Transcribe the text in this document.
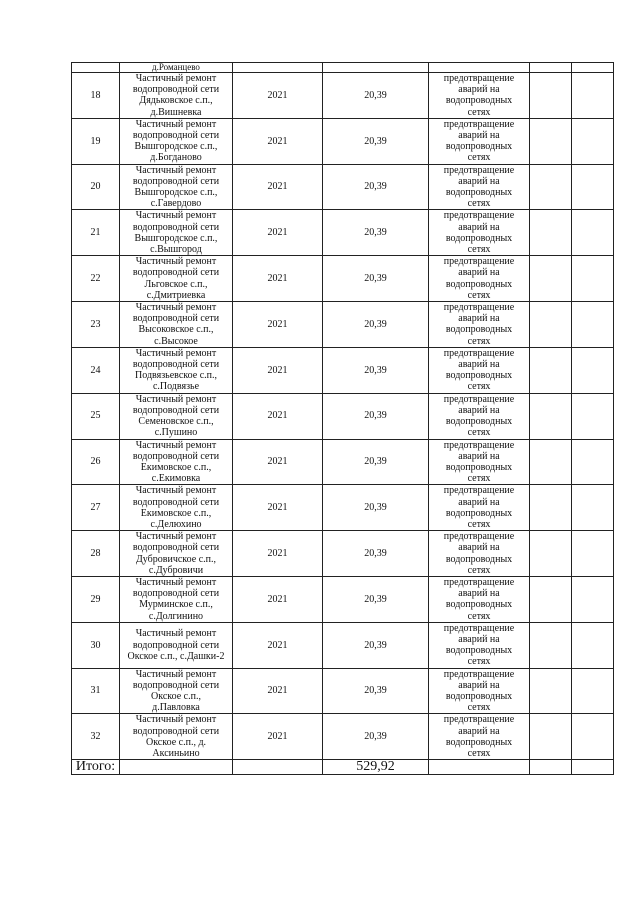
	д.Романцево					
18	Частичный ремонт
водопроводной сети
Дядьковское с.п.,
д.Вишневка	2021	20,39	предотвращение
аварий на
водопроводных
сетях		
19	Частичный ремонт
водопроводной сети
Вышгородское с.п.,
д.Богданово	2021	20,39	предотвращение
аварий на
водопроводных
сетях		
20	Частичный ремонт
водопроводной сети
Вышгородское с.п.,
с.Гавердово	2021	20,39	предотвращение
аварий на
водопроводных
сетях		
21	Частичный ремонт
водопроводной сети
Вышгородское с.п.,
с.Вышгород	2021	20,39	предотвращение
аварий на
водопроводных
сетях		
22	Частичный ремонт
водопроводной сети
Льговское с.п.,
с.Дмитриевка	2021	20,39	предотвращение
аварий на
водопроводных
сетях		
23	Частичный ремонт
водопроводной сети
Высоковское с.п.,
с.Высокое	2021	20,39	предотвращение
аварий на
водопроводных
сетях		
24	Частичный ремонт
водопроводной сети
Подвязьевское с.п.,
с.Подвязье	2021	20,39	предотвращение
аварий на
водопроводных
сетях		
25	Частичный ремонт
водопроводной сети
Семеновское с.п.,
с.Пушино	2021	20,39	предотвращение
аварий на
водопроводных
сетях		
26	Частичный ремонт
водопроводной сети
Екимовское с.п.,
с.Екимовка	2021	20,39	предотвращение
аварий на
водопроводных
сетях		
27	Частичный ремонт
водопроводной сети
Екимовское с.п.,
с.Делюхино	2021	20,39	предотвращение
аварий на
водопроводных
сетях		
28	Частичный ремонт
водопроводной сети
Дубровичское с.п.,
с.Дубровичи	2021	20,39	предотвращение
аварий на
водопроводных
сетях		
29	Частичный ремонт
водопроводной сети
Мурминское с.п.,
с.Долгинино	2021	20,39	предотвращение
аварий на
водопроводных
сетях		
30	Частичный ремонт
водопроводной сети
Окское с.п., с.Дашки-2	2021	20,39	предотвращение
аварий на
водопроводных
сетях		
31	Частичный ремонт
водопроводной сети
Окское с.п.,
д.Павловка	2021	20,39	предотвращение
аварий на
водопроводных
сетях		
32	Частичный ремонт
водопроводной сети
Окское с.п., д.
Аксиньино	2021	20,39	предотвращение
аварий на
водопроводных
сетях		
Итого:			529,92			
